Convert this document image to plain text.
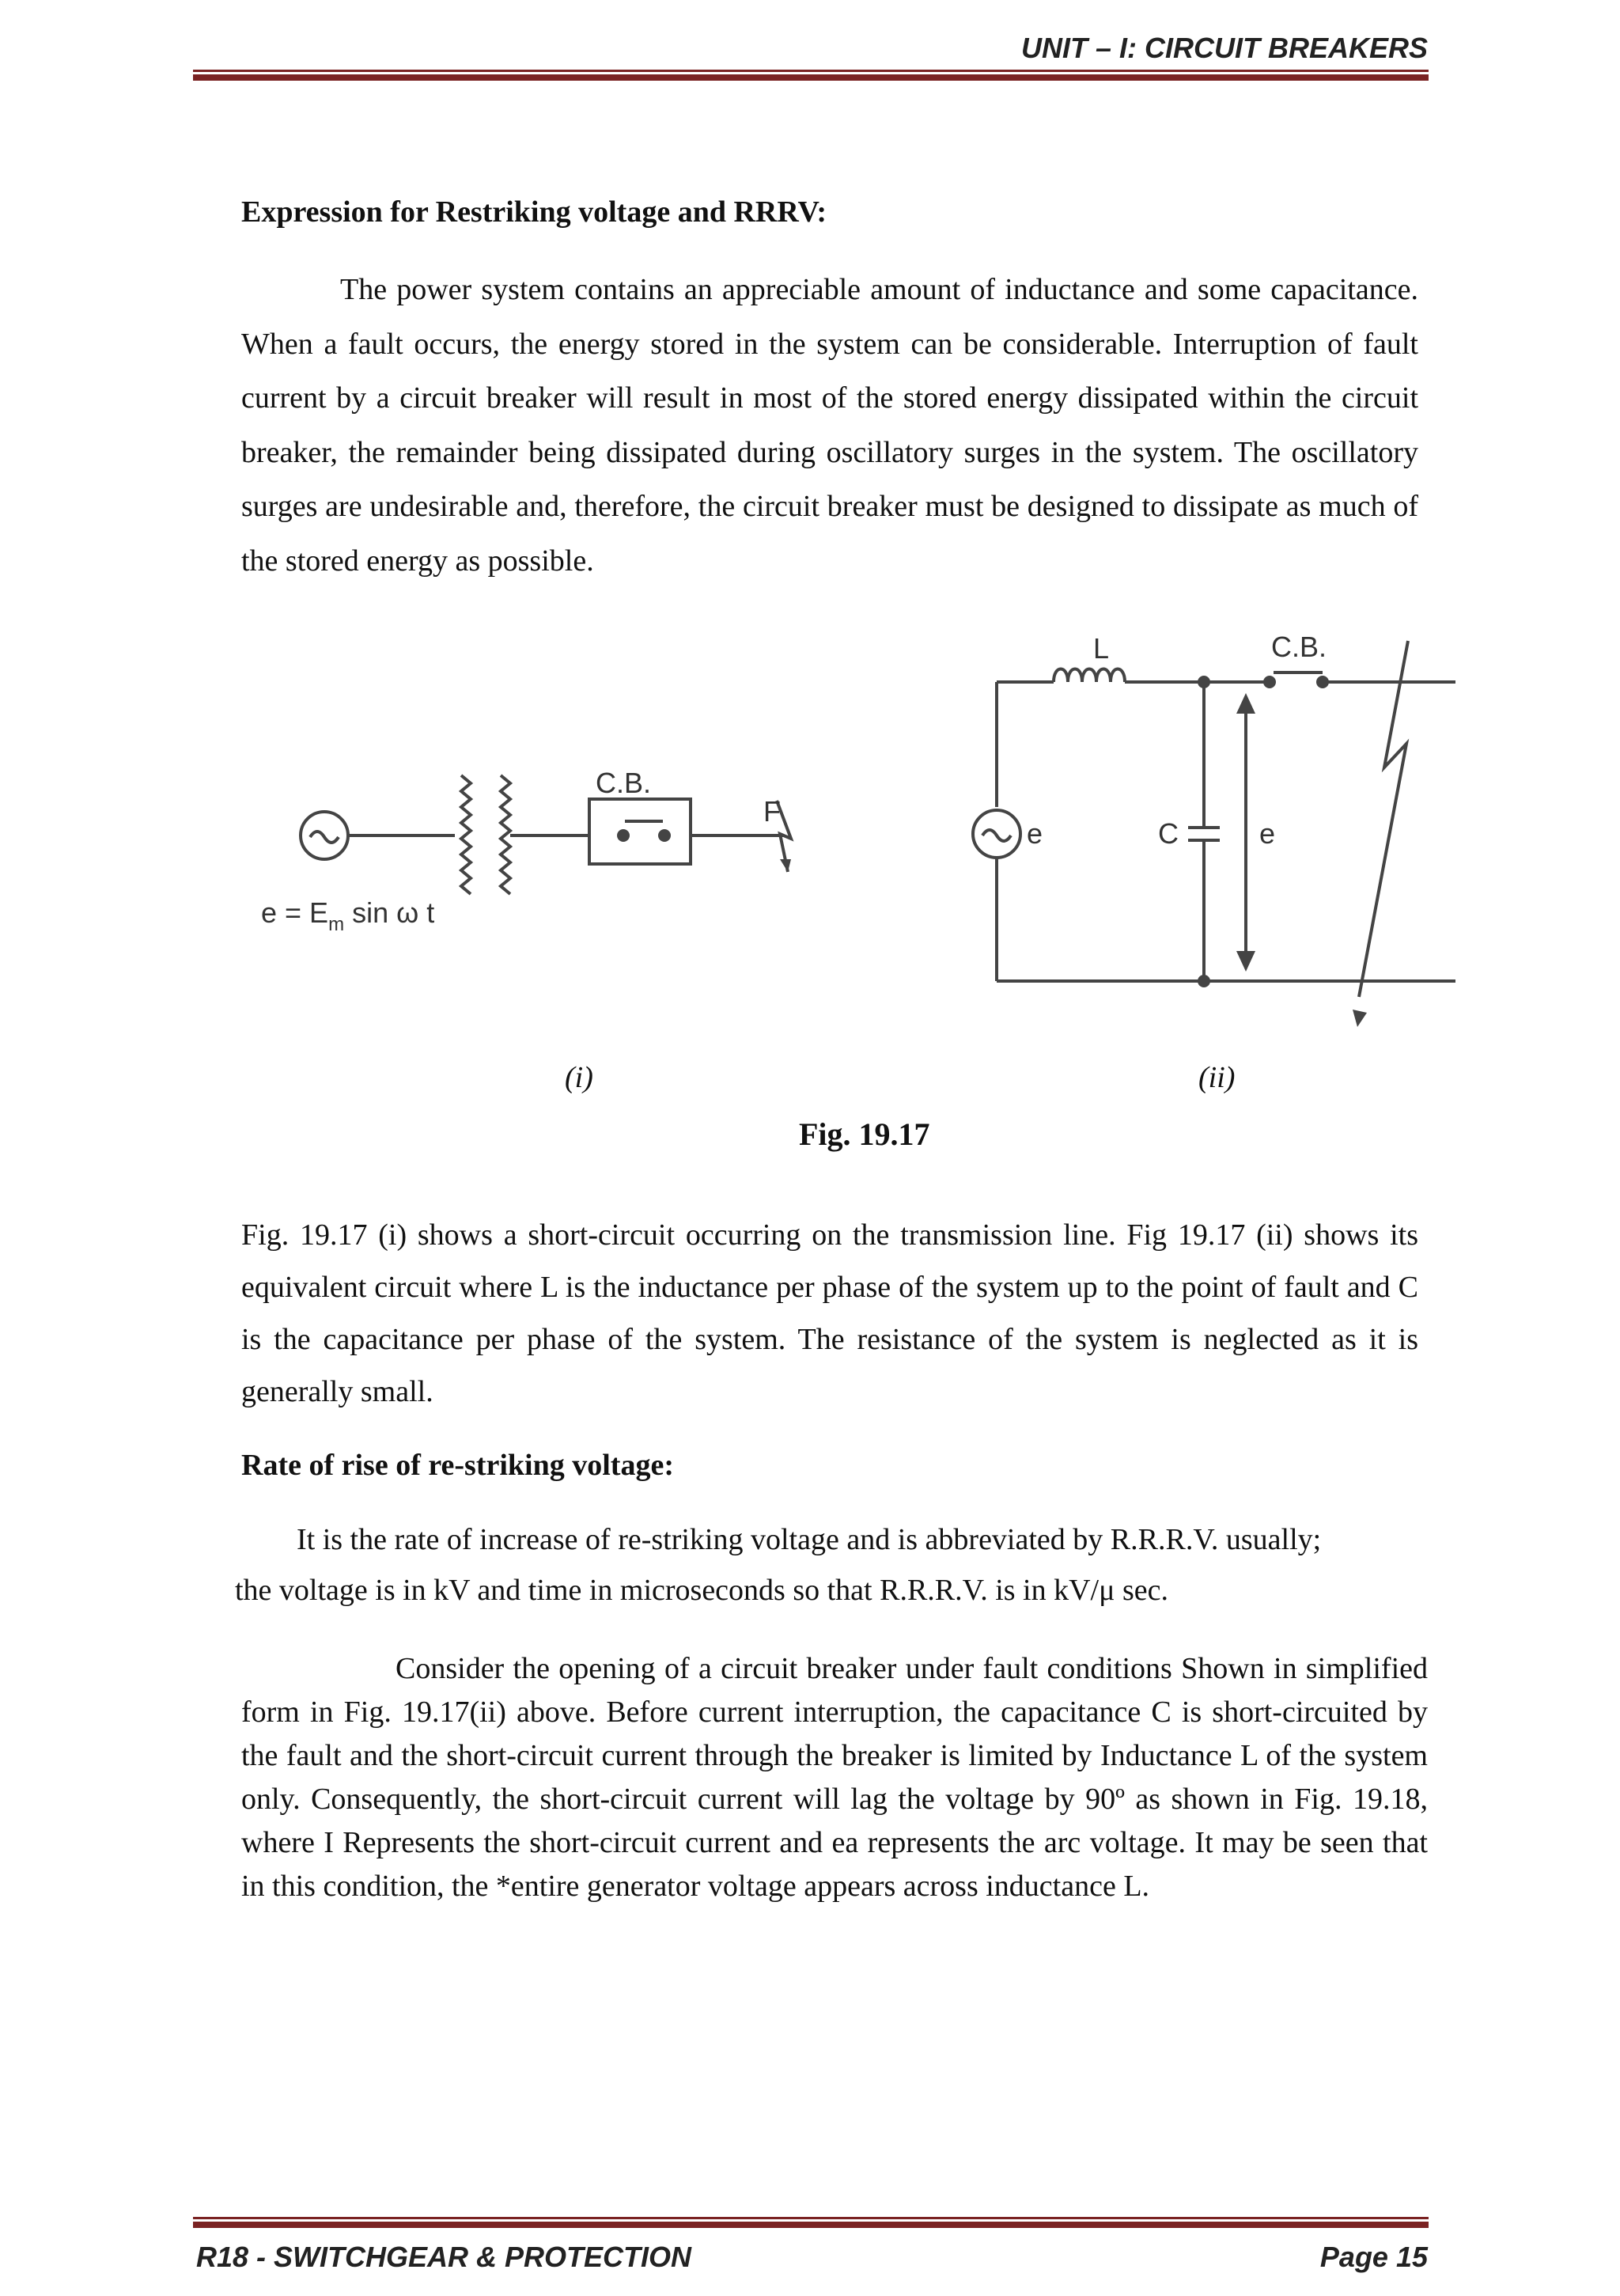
UNIT – I: CIRCUIT BREAKERS
Expression for Restriking voltage and RRRV:

The power system contains an appreciable amount of inductance and some capacitance. When a fault occurs, the energy stored in the system can be considerable. Interruption of fault current by a circuit breaker will result in most of the stored energy dissipated within the circuit breaker, the remainder being dissipated during oscillatory surges in the system. The oscillatory surges are undesirable and, therefore, the circuit breaker must be designed to dissipate as much of the stored energy as possible.

C.B.
F
$e = E_m$ sin ω t
L	C.B.
e	C	e
(i)	(ii)
Fig. 19.17

Fig. 19.17 (i) shows a short-circuit occurring on the transmission line. Fig 19.17 (ii) shows its equivalent circuit where L is the inductance per phase of the system up to the point of fault and C is the capacitance per phase of the system. The resistance of the system is neglected as it is generally small.

Rate of rise of re-striking voltage:
It is the rate of increase of re-striking voltage and is abbreviated by R.R.R.V. usually;
the voltage is in kV and time in microseconds so that R.R.R.V. is in kV/μ sec.

Consider the opening of a circuit breaker under fault conditions Shown in simplified form in Fig. 19.17(ii) above. Before current interruption, the capacitance C is short-circuited by the fault and the short-circuit current through the breaker is limited by Inductance L of the system only. Consequently, the short-circuit current will lag the voltage by 90º as shown in Fig. 19.18, where I Represents the short-circuit current and ea represents the arc voltage. It may be seen that in this condition, the *entire generator voltage appears across inductance L.

R18 - SWITCHGEAR & PROTECTION	Page 15
